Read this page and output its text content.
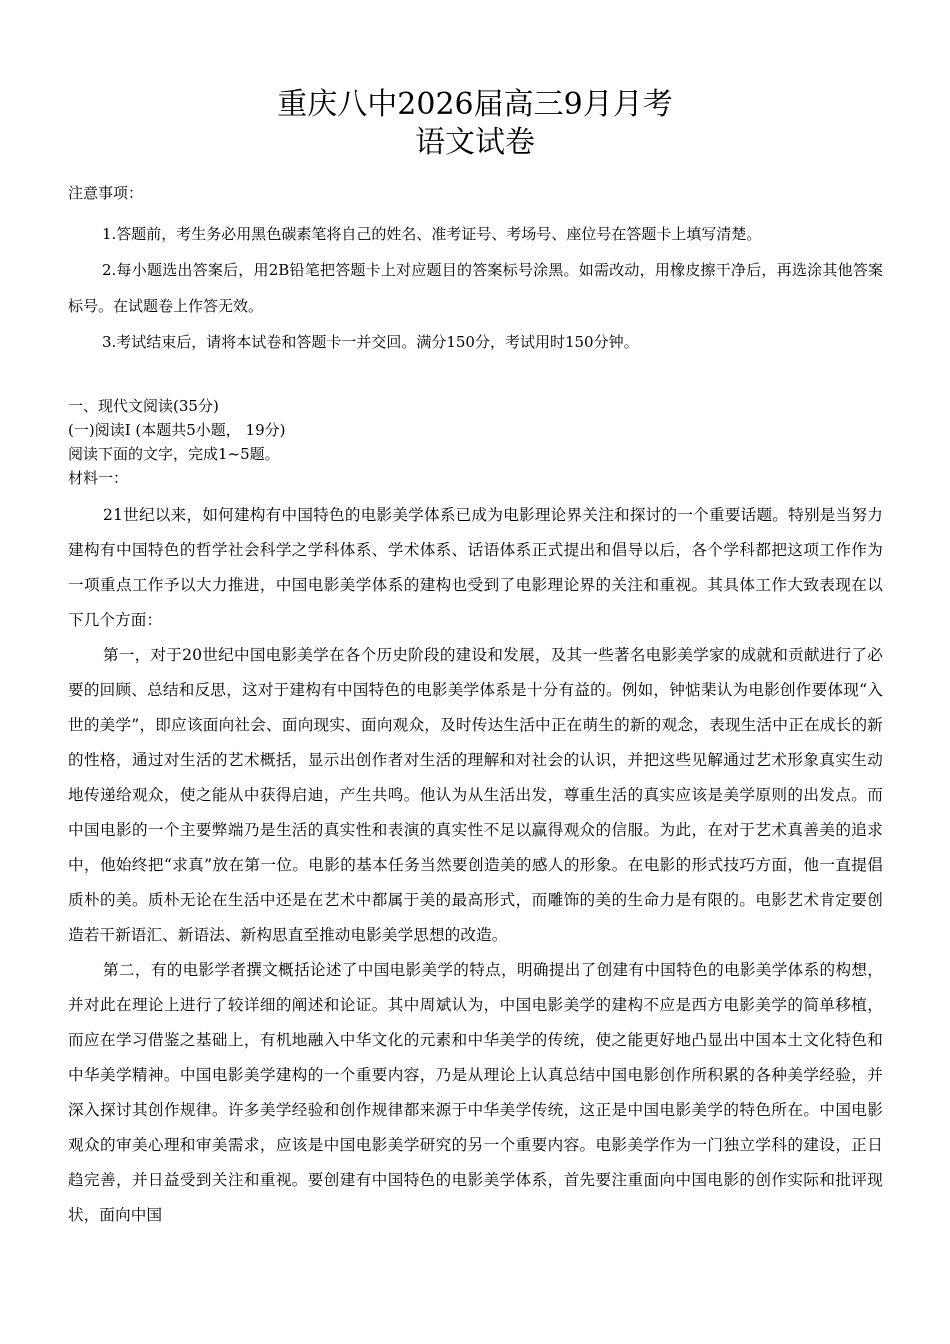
重庆八中2026届高三9月月考
语文试卷

注意事项：

1.答题前，考生务必用黑色碳素笔将自己的姓名、准考证号、考场号、座位号在答题卡上填写清楚。

2.每小题选出答案后，用2B铅笔把答题卡上对应题目的答案标号涂黑。如需改动，用橡皮擦干净后，再选涂其他答案标号。在试题卷上作答无效。

3.考试结束后，请将本试卷和答题卡一并交回。满分150分，考试用时150分钟。

一、现代文阅读(35分)

(一)阅读Ⅰ (本题共5小题， 19分)

阅读下面的文字，完成1~5题。

材料一：

21世纪以来，如何建构有中国特色的电影美学体系已成为电影理论界关注和探讨的一个重要话题。特别是当努力建构有中国特色的哲学社会科学之学科体系、学术体系、话语体系正式提出和倡导以后，各个学科都把这项工作作为一项重点工作予以大力推进，中国电影美学体系的建构也受到了电影理论界的关注和重视。其具体工作大致表现在以下几个方面：

第一，对于20世纪中国电影美学在各个历史阶段的建设和发展，及其一些著名电影美学家的成就和贡献进行了必要的回顾、总结和反思，这对于建构有中国特色的电影美学体系是十分有益的。例如，钟惦棐认为电影创作要体现“入世的美学”，即应该面向社会、面向现实、面向观众，及时传达生活中正在萌生的新的观念，表现生活中正在成长的新的性格，通过对生活的艺术概括，显示出创作者对生活的理解和对社会的认识，并把这些见解通过艺术形象真实生动地传递给观众，使之能从中获得启迪，产生共鸣。他认为从生活出发，尊重生活的真实应该是美学原则的出发点。而中国电影的一个主要弊端乃是生活的真实性和表演的真实性不足以赢得观众的信服。为此，在对于艺术真善美的追求中，他始终把“求真”放在第一位。电影的基本任务当然要创造美的感人的形象。在电影的形式技巧方面，他一直提倡质朴的美。质朴无论在生活中还是在艺术中都属于美的最高形式，而雕饰的美的生命力是有限的。电影艺术肯定要创造若干新语汇、新语法、新构思直至推动电影美学思想的改造。

第二，有的电影学者撰文概括论述了中国电影美学的特点，明确提出了创建有中国特色的电影美学体系的构想，并对此在理论上进行了较详细的阐述和论证。其中周斌认为，中国电影美学的建构不应是西方电影美学的简单移植，而应在学习借鉴之基础上，有机地融入中华文化的元素和中华美学的传统，使之能更好地凸显出中国本土文化特色和中华美学精神。中国电影美学建构的一个重要内容，乃是从理论上认真总结中国电影创作所积累的各种美学经验，并深入探讨其创作规律。许多美学经验和创作规律都来源于中华美学传统，这正是中国电影美学的特色所在。中国电影观众的审美心理和审美需求，应该是中国电影美学研究的另一个重要内容。电影美学作为一门独立学科的建设，正日趋完善，并日益受到关注和重视。要创建有中国特色的电影美学体系，首先要注重面向中国电影的创作实际和批评现状，面向中国
